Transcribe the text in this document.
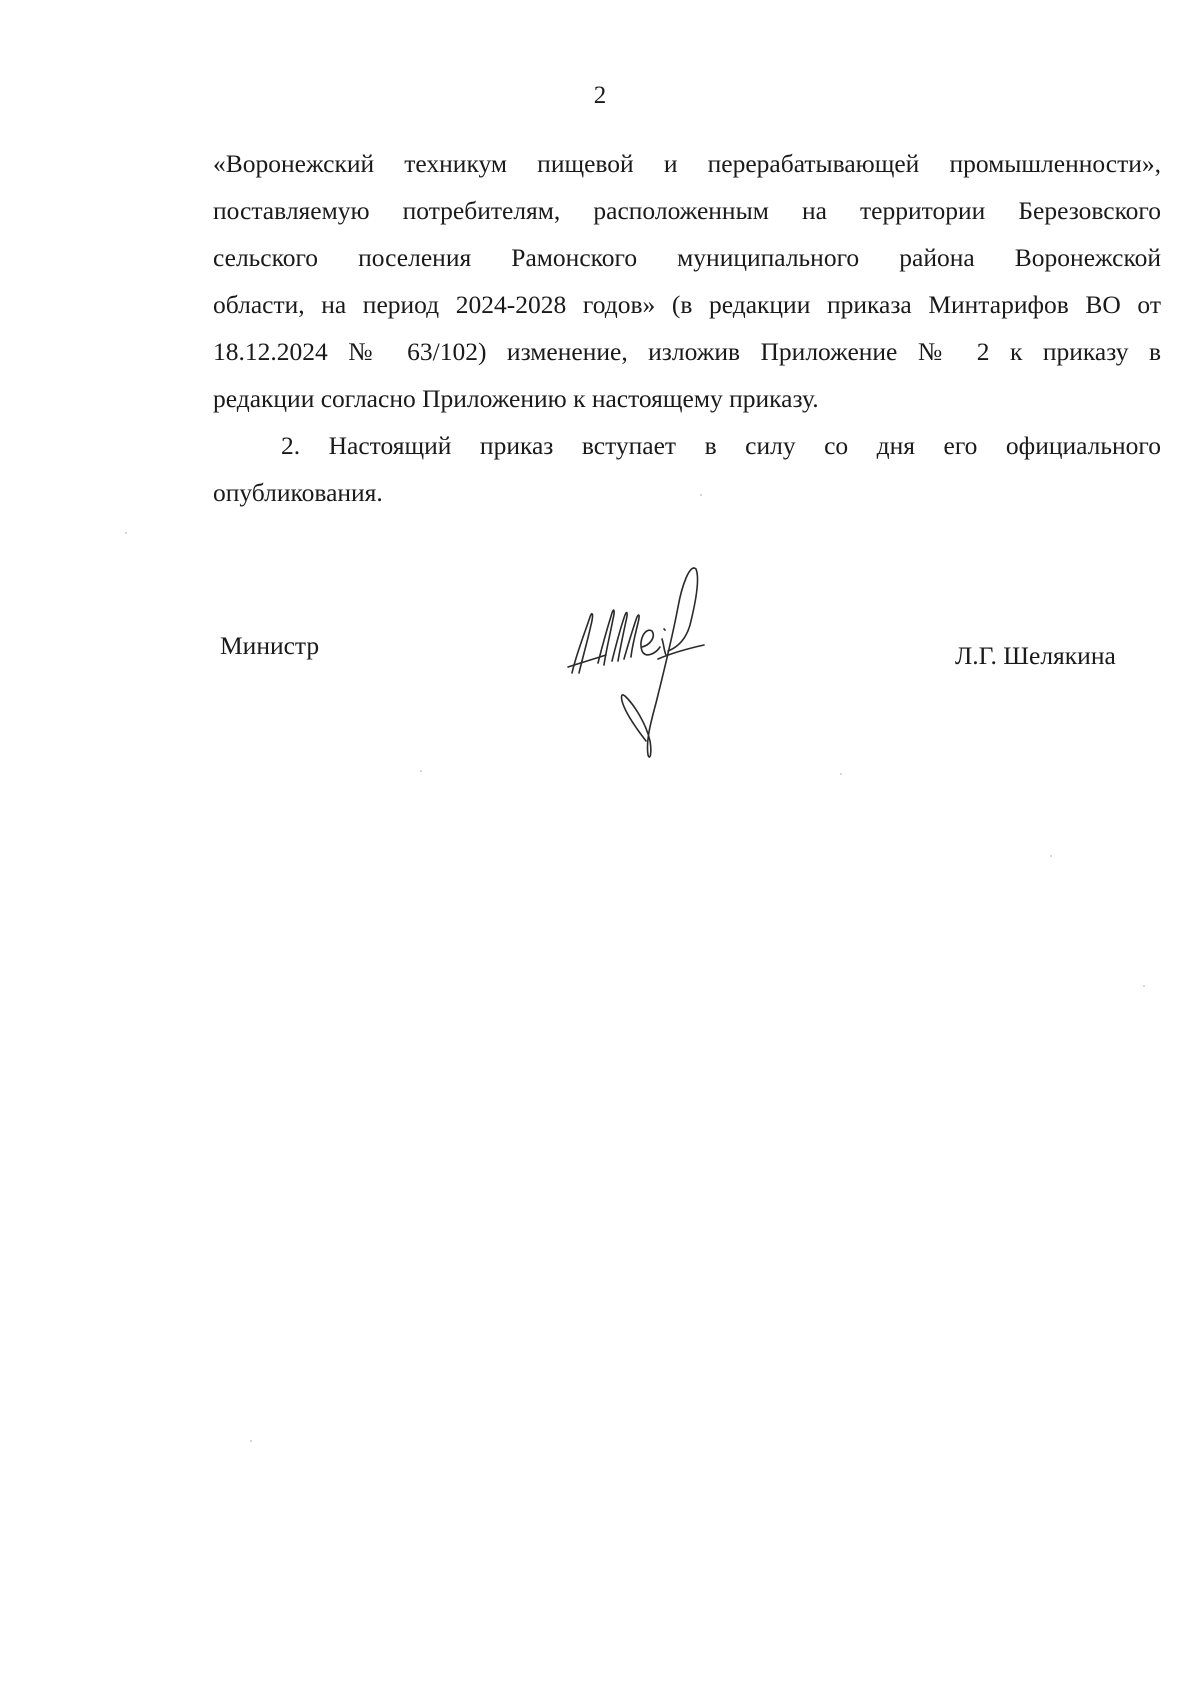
2

«Воронежский техникум пищевой и перерабатывающей промышленности»,
поставляемую потребителям, расположенным на территории Березовского
сельского поселения Рамонского муниципального района Воронежской
области, на период 2024-2028 годов» (в редакции приказа Минтарифов ВО от
18.12.2024 № 63/102) изменение, изложив Приложение № 2 к приказу в
редакции согласно Приложению к настоящему приказу.

2. Настоящий приказ вступает в силу со дня его официального
опубликования.

Министр	Л.Г. Шелякина
